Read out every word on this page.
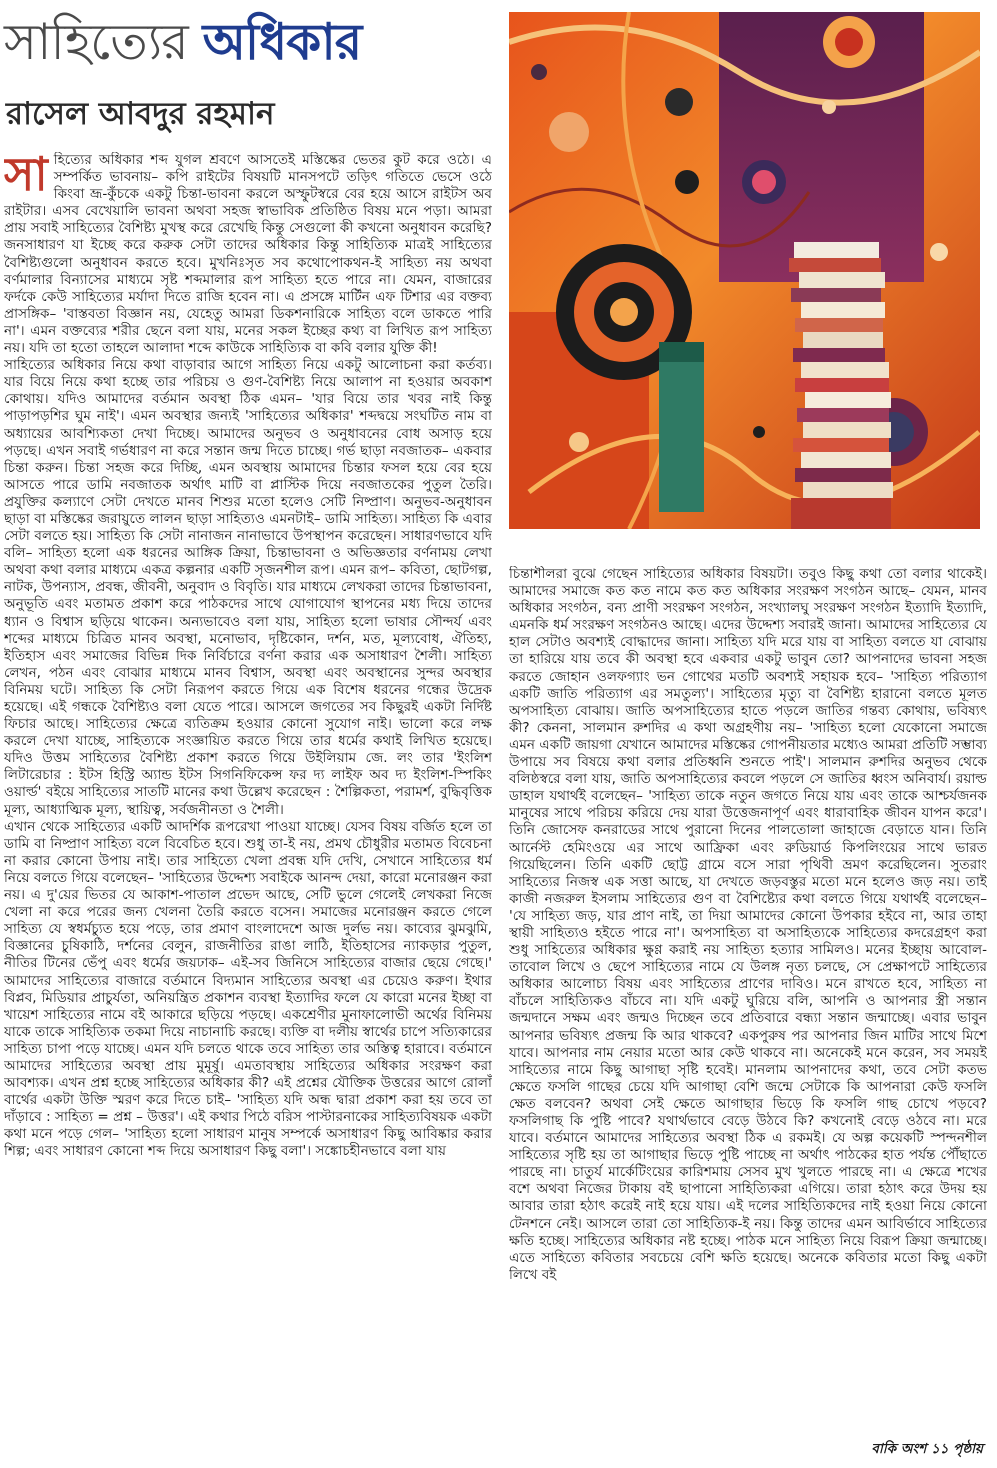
সাহিত্যের অধিকার
রাসেল আবদুর রহমান

সাহিত্যের অধিকার শব্দ যুগল শ্রবণে আসতেই মস্তিষ্কের ভেতর কুট করে ওঠে। এ সম্পর্কিত ভাবনায়– কপি রাইটের বিষয়টি মানসপটে তড়িৎ গতিতে ভেসে ওঠে কিংবা ভ্রূ-কুঁচকে একটু চিন্তা-ভাবনা করলে অস্ফুটস্বরে বের হয়ে আসে রাইটস অব রাইটার। এসব বেখেয়ালি ভাবনা অথবা সহজ স্বাভাবিক প্রতিষ্ঠিত বিষয় মনে পড়া। আমরা প্রায় সবাই সাহিত্যের বৈশিষ্ট্য মুখস্থ করে রেখেছি কিন্তু সেগুলো কী কখনো অনুধাবন করেছি? জনসাধারণ যা ইচ্ছে করে করুক সেটা তাদের অধিকার কিন্তু সাহিত্যিক মাত্রই সাহিত্যের বৈশিষ্ট্যগুলো অনুধাবন করতে হবে। মুখনিঃসৃত সব কথোপোকথন-ই সাহিত্য নয় অথবা বর্ণমালার বিন্যাসের মাধ্যমে সৃষ্ট শব্দমালার রূপ সাহিত্য হতে পারে না। যেমন, বাজারের ফর্দকে কেউ সাহিত্যের মর্যাদা দিতে রাজি হবেন না। এ প্রসঙ্গে মার্টিন এফ টিশার এর বক্তব্য প্রাসঙ্গিক– 'বাস্তবতা বিজ্ঞান নয়, যেহেতু আমরা ডিকশনারিকে সাহিত্য বলে ডাকতে পারি না'। এমন বক্তব্যের শরীর ছেনে বলা যায়, মনের সকল ইচ্ছের কথ্য বা লিখিত রূপ সাহিত্য নয়। যদি তা হতো তাহলে আলাদা শব্দে কাউকে সাহিত্যিক বা কবি বলার যুক্তি কী!

সাহিত্যের অধিকার নিয়ে কথা বাড়াবার আগে সাহিত্য নিয়ে একটু আলোচনা করা কর্তব্য। যার বিয়ে নিয়ে কথা হচ্ছে তার পরিচয় ও গুণ-বৈশিষ্ট্য নিয়ে আলাপ না হওয়ার অবকাশ কোথায়। যদিও আমাদের বর্তমান অবস্থা ঠিক এমন– 'যার বিয়ে তার খবর নাই কিন্তু পাড়াপড়শির ঘুম নাই'। এমন অবস্থার জন্যই 'সাহিত্যের অধিকার' শব্দদ্বয়ে সংঘটিত নাম বা অধ্যায়ের আবশ্যিকতা দেখা দিচ্ছে। আমাদের অনুভব ও অনুধাবনের বোধ অসাড় হয়ে পড়ছে। এখন সবাই গর্ভধারণ না করে সন্তান জন্ম দিতে চাচ্ছে। গর্ভ ছাড়া নবজাতক– একবার চিন্তা করুন। চিন্তা সহজ করে দিচ্ছি, এমন অবস্থায় আমাদের চিন্তার ফসল হয়ে বের হয়ে আসতে পারে ডামি নবজাতক অর্থাৎ মাটি বা প্লাস্টিক দিয়ে নবজাতকের পুতুল তৈরি। প্রযুক্তির কল্যাণে সেটা দেখতে মানব শিশুর মতো হলেও সেটি নিষ্প্রাণ। অনুভব-অনুধাবন ছাড়া বা মস্তিষ্কের জরায়ুতে লালন ছাড়া সাহিত্যও এমনটাই– ডামি সাহিত্য। সাহিত্য কি এবার সেটা বলতে হয়। সাহিত্য কি সেটা নানাজন নানাভাবে উপস্থাপন করেছেন। সাধারণভাবে যদি বলি– সাহিত্য হলো এক ধরনের আঙ্গিক ক্রিয়া, চিন্তাভাবনা ও অভিজ্ঞতার বর্ণনাময় লেখা অথবা কথা বলার মাধ্যমে একত্র কল্পনার একটি সৃজনশীল রূপ। এমন রূপ– কবিতা, ছোটগল্প, নাটক, উপন্যাস, প্রবন্ধ, জীবনী, অনুবাদ ও বিবৃতি। যার মাধ্যমে লেখকরা তাদের চিন্তাভাবনা, অনুভূতি এবং মতামত প্রকাশ করে পাঠকদের সাথে যোগাযোগ স্থাপনের মধ্য দিয়ে তাদের ধ্যান ও বিশ্বাস ছড়িয়ে থাকেন। অন্যভাবেও বলা যায়, সাহিত্য হলো ভাষার সৌন্দর্য এবং শব্দের মাধ্যমে চিত্রিত মানব অবস্থা, মনোভাব, দৃষ্টিকোন, দর্শন, মত, মূল্যবোধ, ঐতিহ্য, ইতিহাস এবং সমাজের বিভিন্ন দিক নির্বিচারে বর্ণনা করার এক অসাধারণ শৈলী। সাহিত্য লেখন, পঠন এবং বোঝার মাধ্যমে মানব বিশ্বাস, অবস্থা এবং অবস্থানের সুন্দর অবস্থার বিনিময় ঘটে। সাহিত্য কি সেটা নিরূপণ করতে গিয়ে এক বিশেষ ধরনের গন্ধের উদ্রেক হয়েছে। এই গন্ধকে বৈশিষ্ট্যও বলা যেতে পারে। আসলে জগতের সব কিছুরই একটা নির্দিষ্ট ফিচার আছে। সাহিত্যের ক্ষেত্রে ব্যতিক্রম হওয়ার কোনো সুযোগ নাই। ভালো করে লক্ষ করলে দেখা যাচ্ছে, সাহিত্যকে সংজ্ঞায়িত করতে গিয়ে তার ধর্মের কথাই লিখিত হয়েছে। যদিও উত্তম সাহিত্যের বৈশিষ্ট্য প্রকাশ করতে গিয়ে উইলিয়াম জে. লং তার 'ইংলিশ লিটারেচার : ইটস হিস্ট্রি অ্যান্ড ইটস সিগনিফিকেন্স ফর দ্য লাইফ অব দ্য ইংলিশ-স্পিকিং ওয়ার্ল্ড' বইয়ে সাহিত্যের সাতটি মানের কথা উল্লেখ করেছেন : শৈল্পিকতা, পরামর্শ, বুদ্ধিবৃত্তিক মূল্য, আধ্যাত্মিক মূল্য, স্থায়িত্ব, সর্বজনীনতা ও শৈলী।

এখান থেকে সাহিত্যের একটি আদর্শিক রূপরেখা পাওয়া যাচ্ছে। যেসব বিষয় বর্জিত হলে তা ডামি বা নিষ্প্রাণ সাহিত্য বলে বিবেচিত হবে। শুধু তা-ই নয়, প্রমথ চৌধুরীর মতামত বিবেচনা না করার কোনো উপায় নাই। তার সাহিত্যে খেলা প্রবন্ধ যদি দেখি, সেখানে সাহিত্যের ধর্ম নিয়ে বলতে গিয়ে বলেছেন– 'সাহিত্যের উদ্দেশ্য সবাইকে আনন্দ দেয়া, কারো মনোরঞ্জন করা নয়। এ দু'য়ের ভিতর যে আকাশ-পাতাল প্রভেদ আছে, সেটি ভুলে গেলেই লেখকরা নিজে খেলা না করে পরের জন্য খেলনা তৈরি করতে বসেন। সমাজের মনোরঞ্জন করতে গেলে সাহিত্য যে স্বধর্মচ্যুত হয়ে পড়ে, তার প্রমাণ বাংলাদেশে আজ দুর্লভ নয়। কাব্যের ঝুমঝুমি, বিজ্ঞানের চুষিকাঠি, দর্শনের বেলুন, রাজনীতির রাঙা লাঠি, ইতিহাসের ন্যাকড়ার পুতুল, নীতির টিনের ভেঁপু এবং ধর্মের জয়ঢাক– এই-সব জিনিসে সাহিত্যের বাজার ছেয়ে গেছে।' আমাদের সাহিত্যের বাজারে বর্তমানে বিদ্যমান সাহিত্যের অবস্থা এর চেয়েও করুণ। ইথার বিপ্লব, মিডিয়ার প্রাচুর্যতা, অনিয়ন্ত্রিত প্রকাশন ব্যবস্থা ইত্যাদির ফলে যে কারো মনের ইচ্ছা বা খায়েশ সাহিত্যের নামে বই আকারে ছড়িয়ে পড়ছে। একশ্রেণীর মুনাফালোভী অর্থের বিনিময় যাকে তাকে সাহিত্যিক তকমা দিয়ে নাচানাচি করছে। ব্যক্তি বা দলীয় স্বার্থের চাপে সত্যিকারের সাহিত্য চাপা পড়ে যাচ্ছে। এমন যদি চলতে থাকে তবে সাহিত্য তার অস্তিত্ব হারাবে। বর্তমানে আমাদের সাহিত্যের অবস্থা প্রায় মুমূর্ষু। এমতাবস্থায় সাহিত্যের অধিকার সংরক্ষণ করা আবশ্যক। এখন প্রশ্ন হচ্ছে সাহিত্যের অধিকার কী? এই প্রশ্নের যৌক্তিক উত্তরের আগে রোলাঁ বার্থের একটা উক্তি স্মরণ করে দিতে চাই– 'সাহিত্য যদি অন্ধ দ্বারা প্রকাশ করা হয় তবে তা দাঁড়াবে : সাহিত্য = প্রশ্ন – উত্তর'। এই কথার পিঠে বরিস পাস্টারনাকের সাহিত্যবিষয়ক একটা কথা মনে পড়ে গেল– 'সাহিত্য হলো সাধারণ মানুষ সম্পর্কে অসাধারণ কিছু আবিষ্কার করার শিল্প; এবং সাধারণ কোনো শব্দ দিয়ে অসাধারণ কিছু বলা'। সঙ্কোচহীনভাবে বলা যায়

চিন্তাশীলরা বুঝে গেছেন সাহিত্যের অধিকার বিষয়টা। তবুও কিছু কথা তো বলার থাকেই। আমাদের সমাজে কত কত নামে কত কত অধিকার সংরক্ষণ সংগঠন আছে– যেমন, মানব অধিকার সংগঠন, বন্য প্রাণী সংরক্ষণ সংগঠন, সংখ্যালঘু সংরক্ষণ সংগঠন ইত্যাদি ইত্যাদি, এমনকি ধর্ম সংরক্ষণ সংগঠনও আছে। এদের উদ্দেশ্য সবারই জানা। আমাদের সাহিত্যের যে হাল সেটাও অবশ্যই বোদ্ধাদের জানা। সাহিত্য যদি মরে যায় বা সাহিত্য বলতে যা বোঝায় তা হারিয়ে যায় তবে কী অবস্থা হবে একবার একটু ভাবুন তো? আপনাদের ভাবনা সহজ করতে জোহান ওলফগ্যাং ভন গোথের মতটি অবশ্যই সহায়ক হবে– 'সাহিত্য পরিত্যাগ একটি জাতি পরিত্যাগ এর সমতুল্য'। সাহিত্যের মৃত্যু বা বৈশিষ্ট্য হারানো বলতে মূলত অপসাহিত্য বোঝায়। জাতি অপসাহিত্যের হাতে পড়লে জাতির গন্তব্য কোথায়, ভবিষ্যৎ কী? কেননা, সালমান রুশদির এ কথা অগ্রহণীয় নয়– 'সাহিত্য হলো যেকোনো সমাজে এমন একটি জায়গা যেখানে আমাদের মস্তিষ্কের গোপনীয়তার মধ্যেও আমরা প্রতিটি সম্ভাব্য উপায়ে সব বিষয়ে কথা বলার প্রতিধ্বনি শুনতে পাই'। সালমান রুশদির অনুভব থেকে বলিষ্ঠস্বরে বলা যায়, জাতি অপসাহিত্যের কবলে পড়লে সে জাতির ধ্বংস অনিবার্য। রয়াল্ড ডাহাল যথার্থই বলেছেন– 'সাহিত্য তাকে নতুন জগতে নিয়ে যায় এবং তাকে আশ্চর্যজনক মানুষের সাথে পরিচয় করিয়ে দেয় যারা উত্তেজনাপূর্ণ এবং ধারাবাহিক জীবন যাপন করে'। তিনি জোসেফ কনরাডের সাথে পুরানো দিনের পালতোলা জাহাজে বেড়াতে যান। তিনি আর্নেস্ট হেমিংওয়ে এর সাথে আফ্রিকা এবং রুডিয়ার্ড কিপলিংয়ের সাথে ভারত গিয়েছিলেন। তিনি একটি ছোট্ট গ্রামে বসে সারা পৃথিবী ভ্রমণ করেছিলেন। সুতরাং সাহিত্যের নিজস্ব এক সত্তা আছে, যা দেখতে জড়বস্তুর মতো মনে হলেও জড় নয়। তাই কাজী নজরুল ইসলাম সাহিত্যের গুণ বা বৈশিষ্ট্যের কথা বলতে গিয়ে যথার্থই বলেছেন– 'যে সাহিত্য জড়, যার প্রাণ নাই, তা দিয়া আমাদের কোনো উপকার হইবে না, আর তাহা স্থায়ী সাহিত্যও হইতে পারে না'। অপসাহিত্য বা অসাহিত্যকে সাহিত্যের কদরেগ্রহণ করা শুধু সাহিত্যের অধিকার ক্ষুণ্ণ করাই নয় সাহিত্য হত্যার সামিলও। মনের ইচ্ছায় আবোল-তাবোল লিখে ও ছেপে সাহিত্যের নামে যে উলঙ্গ নৃত্য চলছে, সে প্রেক্ষাপটে সাহিত্যের অধিকার আলোচ্য বিষয় এবং সাহিত্যের প্রাণের দাবিও। মনে রাখতে হবে, সাহিত্য না বাঁচলে সাহিত্যিকও বাঁচবে না। যদি একটু ঘুরিয়ে বলি, আপনি ও আপনার স্ত্রী সন্তান জন্মদানে সক্ষম এবং জন্মও দিচ্ছেন তবে প্রতিবারে বন্ধ্যা সন্তান জন্মাচ্ছে। এবার ভাবুন আপনার ভবিষ্যৎ প্রজন্ম কি আর থাকবে? একপুরুষ পর আপনার জিন মাটির সাথে মিশে যাবে। আপনার নাম নেয়ার মতো আর কেউ থাকবে না। অনেকেই মনে করেন, সব সময়ই সাহিত্যের নামে কিছু আগাছা সৃষ্টি হবেই। মানলাম আপনাদের কথা, তবে সেটা কতভ ক্ষেতে ফসলি গাছের চেয়ে যদি আগাছা বেশি জন্মে সেটাকে কি আপনারা কেউ ফসলি ক্ষেত বলবেন? অথবা সেই ক্ষেতে আগাছার ভিড়ে কি ফসলি গাছ চোখে পড়বে? ফসলিগাছ কি পুষ্টি পাবে? যথার্থভাবে বেড়ে উঠবে কি? কখনোই বেড়ে ওঠবে না। মরে যাবে। বর্তমানে আমাদের সাহিত্যের অবস্থা ঠিক এ রকমই। যে অল্প কয়েকটি স্পন্দনশীল সাহিত্যের সৃষ্টি হয় তা আগাছার ভিড়ে পুষ্টি পাচ্ছে না অর্থাৎ পাঠকের হাত পর্যন্ত পৌঁছাতে পারছে না। চাতুর্য মার্কেটিংয়ের কারিশমায় সেসব মুখ খুলতে পারছে না। এ ক্ষেত্রে শখের বশে অথবা নিজের টাকায় বই ছাপানো সাহিত্যিকরা এগিয়ে। তারা হঠাৎ করে উদয় হয় আবার তারা হঠাৎ করেই নাই হয়ে যায়। এই দলের সাহিত্যিকদের নাই হওয়া নিয়ে কোনো টেনশনে নেই। আসলে তারা তো সাহিত্যিক-ই নয়। কিন্তু তাদের এমন আবির্ভাবে সাহিত্যের ক্ষতি হচ্ছে। সাহিত্যের অধিকার নষ্ট হচ্ছে। পাঠক মনে সাহিত্য নিয়ে বিরূপ ক্রিয়া জন্মাচ্ছে। এতে সাহিত্যে কবিতার সবচেয়ে বেশি ক্ষতি হয়েছে। অনেকে কবিতার মতো কিছু একটা লিখে বই

বাকি অংশ ১১ পৃষ্ঠায়
